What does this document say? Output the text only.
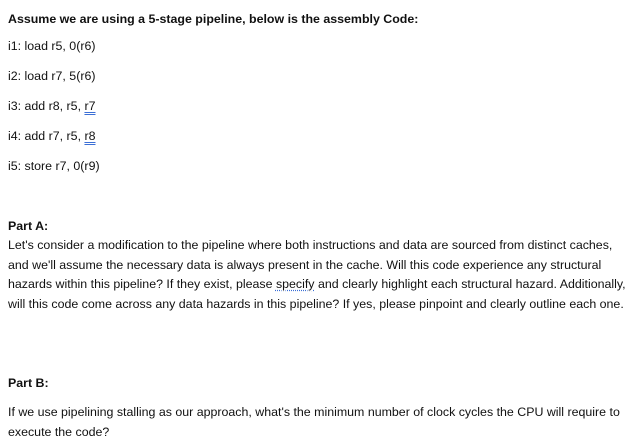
Assume we are using a 5-stage pipeline, below is the assembly Code:
i1: load r5, 0(r6)
i2: load r7, 5(r6)
i3: add r8, r5, r7
i4: add r7, r5, r8
i5: store r7, 0(r9)
Part A:
Let's consider a modification to the pipeline where both instructions and data are sourced from distinct caches, and we'll assume the necessary data is always present in the cache. Will this code experience any structural hazards within this pipeline? If they exist, please specify and clearly highlight each structural hazard. Additionally, will this code come across any data hazards in this pipeline? If yes, please pinpoint and clearly outline each one.
Part B:
If we use pipelining stalling as our approach, what's the minimum number of clock cycles the CPU will require to execute the code?
